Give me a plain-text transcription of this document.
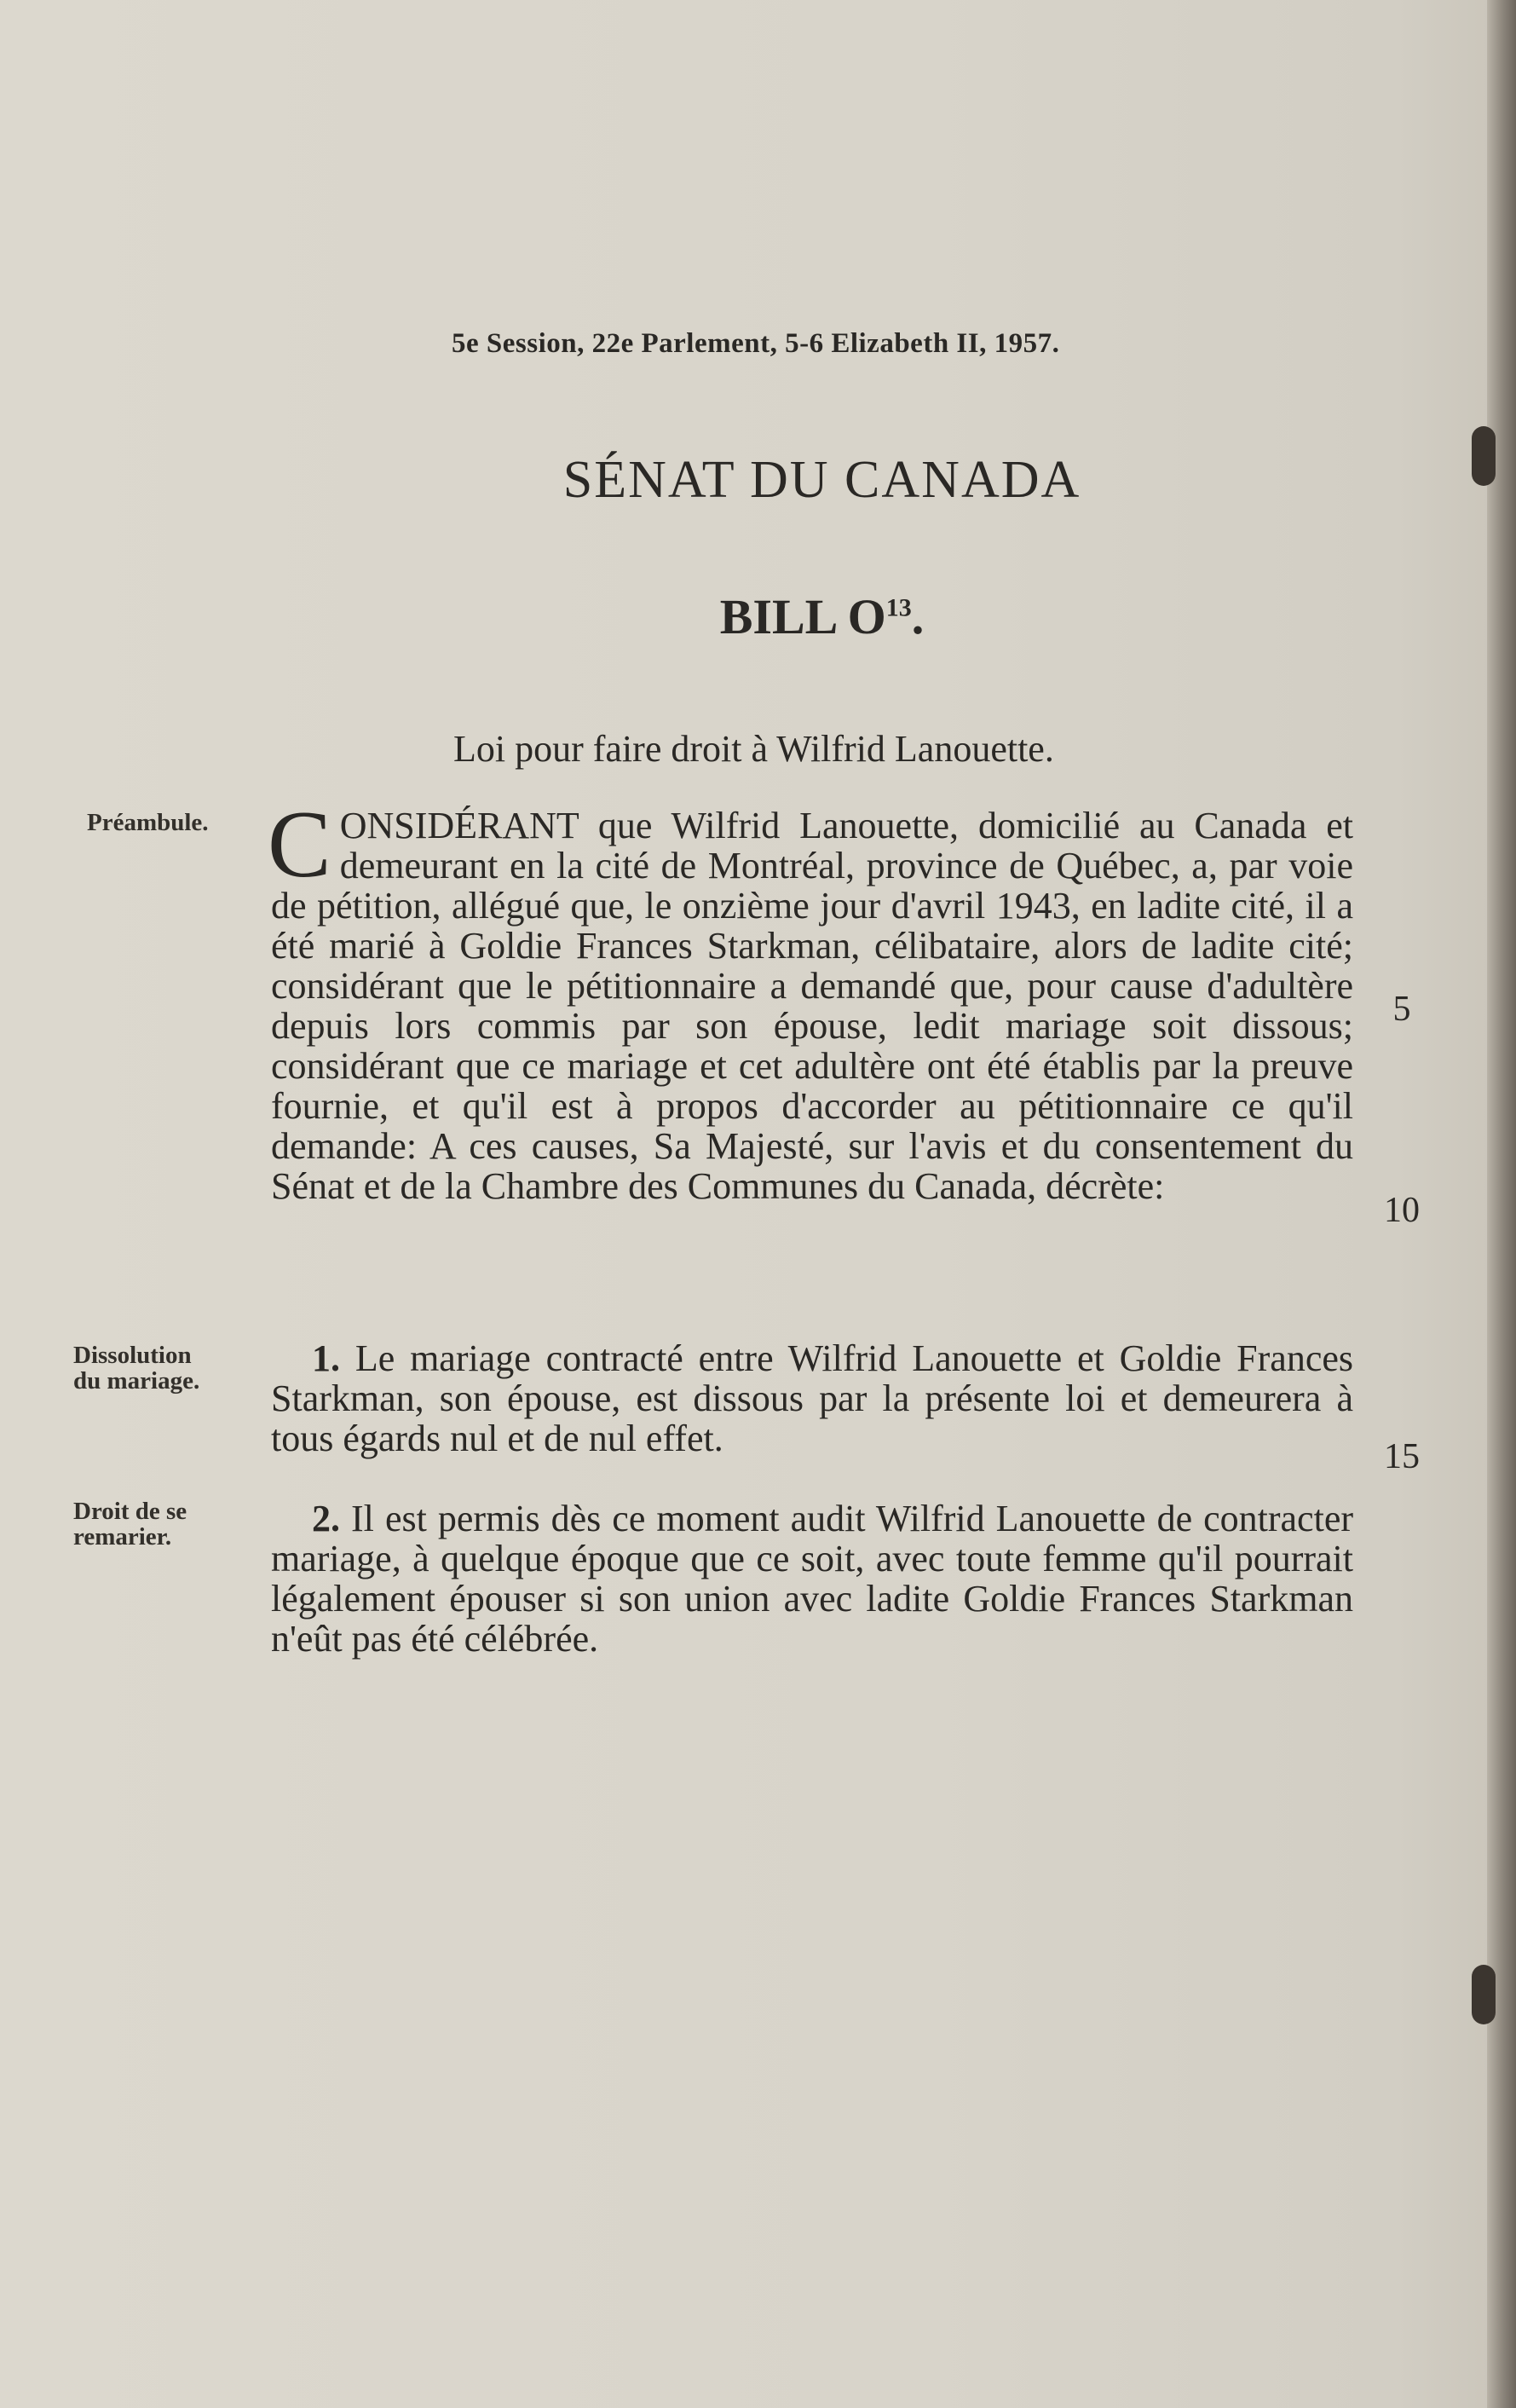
5e Session, 22e Parlement, 5-6 Elizabeth II, 1957.
SÉNAT DU CANADA
BILL $O^{13}$.
Loi pour faire droit à Wilfrid Lanouette.
Préambule. CONSIDÉRANT que Wilfrid Lanouette, domicilié au Canada et demeurant en la cité de Montréal, province de Québec, a, par voie de pétition, allégué que, le onzième jour d'avril 1943, en ladite cité, il a été marié à Goldie Frances Starkman, célibataire, alors de ladite cité; considérant que le pétitionnaire a demandé que, pour cause d'adultère depuis lors commis par son épouse, ledit mariage soit dissous; considérant que ce mariage et cet adultère ont été établis par la preuve fournie, et qu'il est à propos d'accorder au pétitionnaire ce qu'il demande: A ces causes, Sa Majesté, sur l'avis et du consentement du Sénat et de la Chambre des Communes du Canada, décrète:
5
10
Dissolution
du mariage.
1. Le mariage contracté entre Wilfrid Lanouette et Goldie Frances Starkman, son épouse, est dissous par la présente loi et demeurera à tous égards nul et de nul effet.	15
Droit de se
remarier.	2. Il est permis dès ce moment audit Wilfrid Lanouette de contracter mariage, à quelque époque que ce soit, avec toute femme qu'il pourrait légalement épouser si son union avec ladite Goldie Frances Starkman n'eût pas été célébrée.
